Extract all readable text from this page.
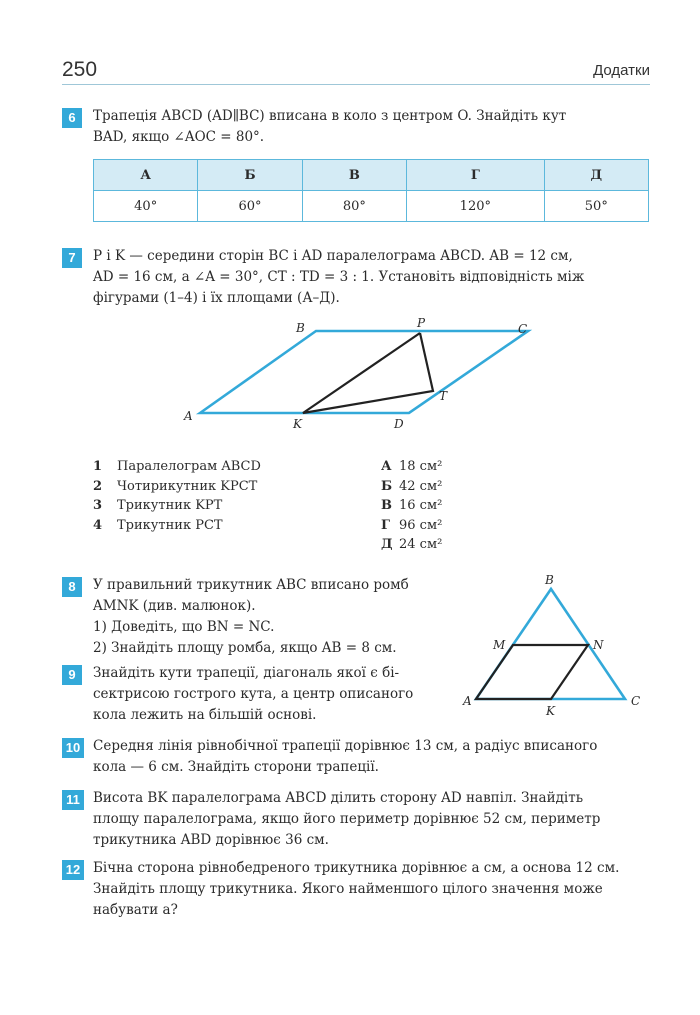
250	Додатки
6	Трапеція ABCD (AD∥BC) вписана в коло з центром O. Знайдіть кут
BAD, якщо ∠AOC = 80°.
А	Б	В	Г	Д
40°	60°	80°	120°	50°
7	P і K — середини сторін BC і AD паралелограма ABCD. AB = 12 см,
AD = 16 см, а ∠A = 30°, CT : TD = 3 : 1. Установіть відповідність між
фігурами (1–4) і їх площами (А–Д).
A
B	C
D
P
K
T
1 Паралелограм ABCD
2 Чотирикутник KPCT
3 Трикутник KPT
4 Трикутник PCT
А 18 см²
Б 42 см²
В 16 см²
Г 96 см²
Д 24 см²
8	У правильний трикутник ABC вписано ромб
AMNK (див. малюнок).
1) Доведіть, що BN = NC.
2) Знайдіть площу ромба, якщо AB = 8 см.
A
B
C
M	N
K
9	Знайдіть кути трапеції, діагональ якої є бі-
сектрисою гострого кута, а центр описаного
кола лежить на більшій основі.
10 Середня лінія рівнобічної трапеції дорівнює 13 см, а радіус вписаного
кола — 6 см. Знайдіть сторони трапеції.
11 Висота BK паралелограма ABCD ділить сторону AD навпіл. Знайдіть
площу паралелограма, якщо його периметр дорівнює 52 см, периметр
трикутника ABD дорівнює 36 см.
12 Бічна сторона рівнобедреного трикутника дорівнює a см, а основа 12 см.
Знайдіть площу трикутника. Якого найменшого цілого значення може
набувати a?
